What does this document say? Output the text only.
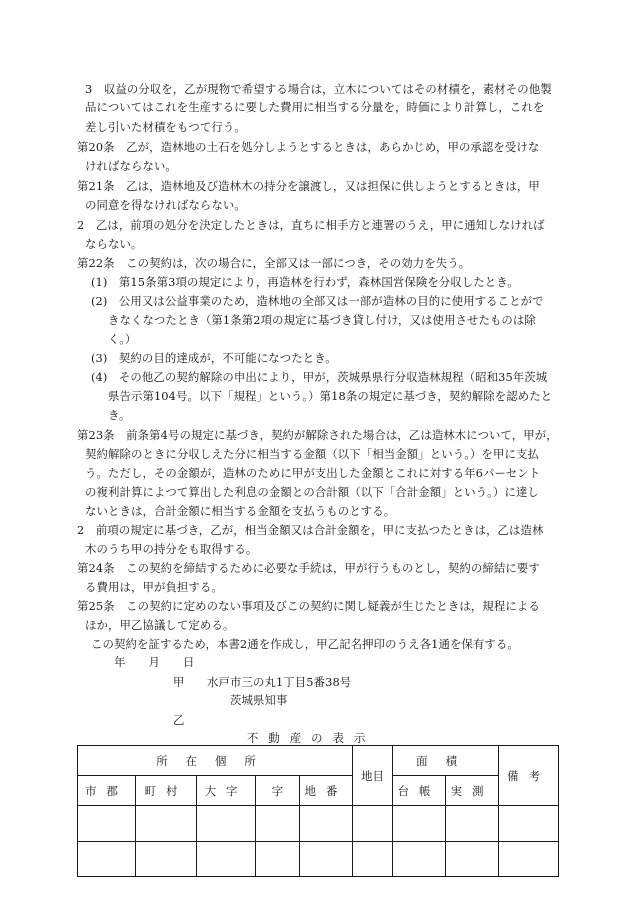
3　収益の分収を，乙が現物で希望する場合は，立木についてはその材積を，素材その他製
品についてはこれを生産するに要した費用に相当する分量を，時価により計算し，これを
差し引いた材積をもつて行う。
第20条　乙が，造林地の土石を処分しようとするときは，あらかじめ，甲の承認を受けな
ければならない。
第21条　乙は，造林地及び造林木の持分を譲渡し，又は担保に供しようとするときは，甲
の同意を得なければならない。
2　乙は，前項の処分を決定したときは，直ちに相手方と連署のうえ，甲に通知しなければ
ならない。
第22条　この契約は，次の場合に，全部又は一部につき，その効力を失う。
(1)　第15条第3項の規定により，再造林を行わず，森林国営保険を分収したとき。
(2)　公用又は公益事業のため，造林地の全部又は一部が造林の目的に使用することがで
きなくなつたとき（第1条第2項の規定に基づき貸し付け，又は使用させたものは除
く。）
(3)　契約の目的達成が，不可能になつたとき。
(4)　その他乙の契約解除の申出により，甲が，茨城県県行分収造林規程（昭和35年茨城
県告示第104号。以下「規程」という。）第18条の規定に基づき，契約解除を認めたと
き。
第23条　前条第4号の規定に基づき，契約が解除された場合は，乙は造林木について，甲が，
契約解除のときに分収しえた分に相当する金額（以下「相当金額」という。）を甲に支払
う。ただし，その金額が，造林のために甲が支出した金額とこれに対する年6パーセント
の複利計算によつて算出した利息の金額との合計額（以下「合計金額」という。）に達し
ないときは，合計金額に相当する金額を支払うものとする。
2　前項の規定に基づき，乙が，相当金額又は合計金額を，甲に支払つたときは，乙は造林
木のうち甲の持分をも取得する。
第24条　この契約を締結するために必要な手続は，甲が行うものとし，契約の締結に要す
る費用は，甲が負担する。
第25条　この契約に定めのない事項及びこの契約に関し疑義が生じたときは，規程による
ほか，甲乙協議して定める。
この契約を証するため，本書2通を作成し，甲乙記名押印のうえ各1通を保有する。
年　　月　　日
甲 水戸市三の丸1丁目5番38号
茨城県知事
乙
不動産の表示
所在個所					地目	面積		備考
市郡	町村	大字	字	地番		台帳	実測	
